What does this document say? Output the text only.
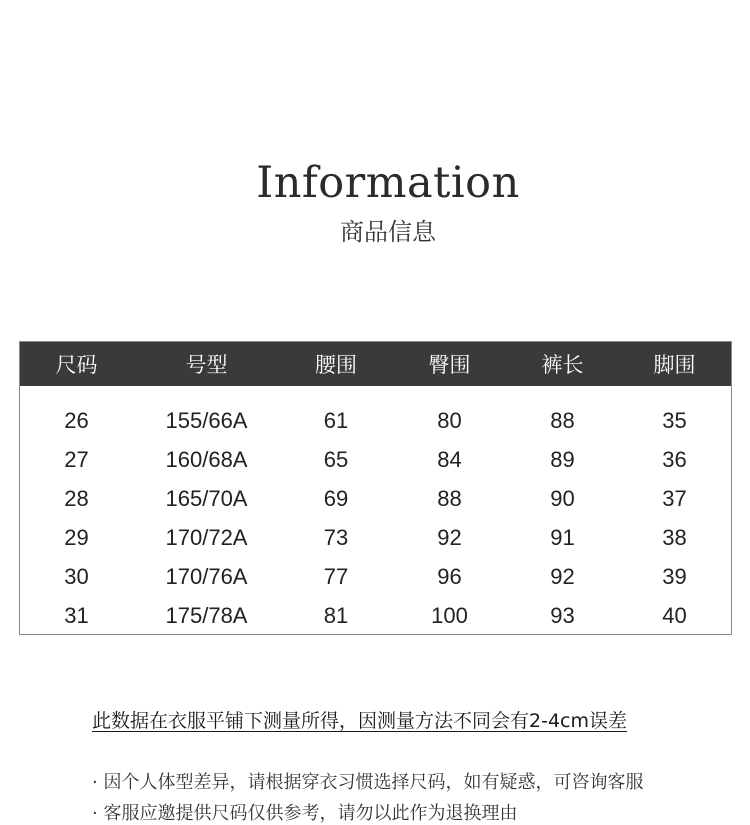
Information
商品信息
尺码	号型	腰围	臀围	裤长	脚围
26	155/66A	61	80	88	35
27	160/68A	65	84	89	36
28	165/70A	69	88	90	37
29	170/72A	73	92	91	38
30	170/76A	77	96	92	39
31	175/78A	81	100	93	40
此数据在衣服平铺下测量所得，因测量方法不同会有2-4cm误差
· 因个人体型差异，请根据穿衣习惯选择尺码，如有疑惑，可咨询客服
· 客服应邀提供尺码仅供参考，请勿以此作为退换理由
